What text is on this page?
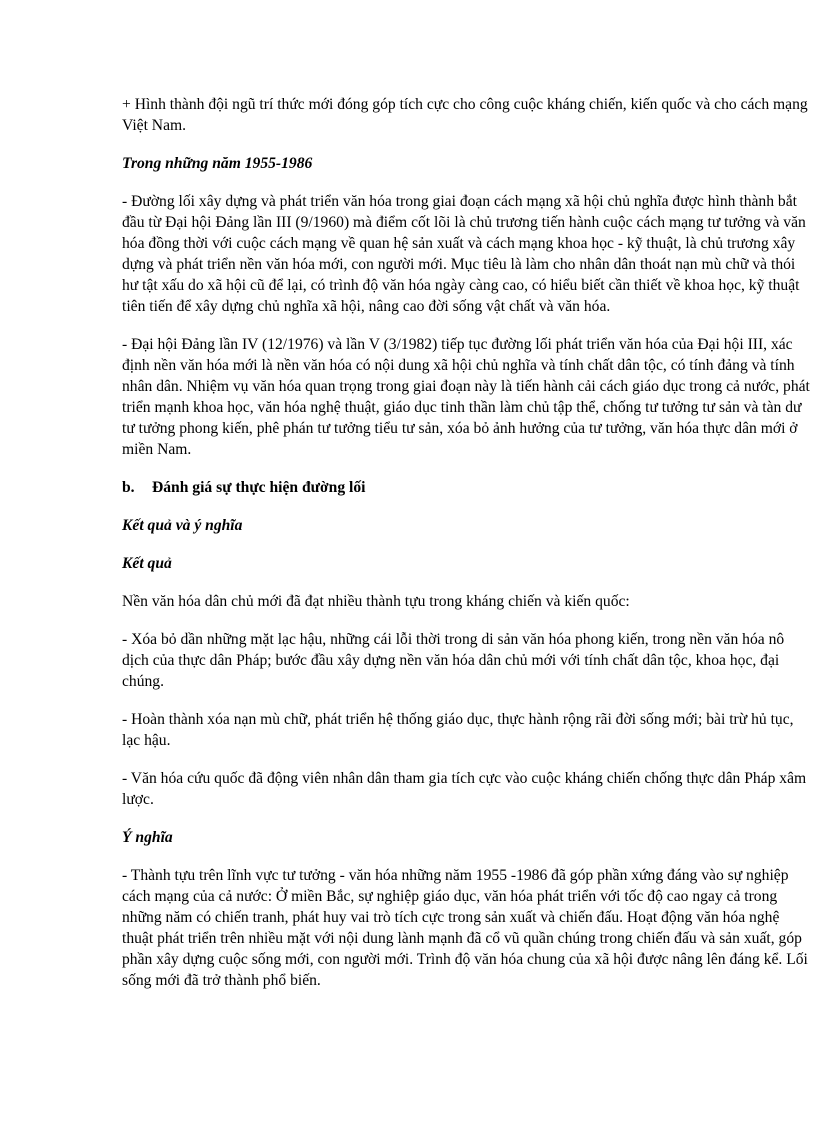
+ Hình thành đội ngũ trí thức mới đóng góp tích cực cho công cuộc kháng chiến, kiến quốc và cho cách mạng Việt Nam.

Trong những năm 1955-1986

- Đường lối xây dựng và phát triển văn hóa trong giai đoạn cách mạng xã hội chủ nghĩa được hình thành bắt đầu từ Đại hội Đảng lần III (9/1960) mà điểm cốt lõi là chủ trương tiến hành cuộc cách mạng tư tưởng và văn hóa đồng thời với cuộc cách mạng về quan hệ sản xuất và cách mạng khoa học - kỹ thuật, là chủ trương xây dựng và phát triển nền văn hóa mới, con người mới. Mục tiêu là làm cho nhân dân thoát nạn mù chữ và thói hư tật xấu do xã hội cũ để lại, có trình độ văn hóa ngày càng cao, có hiểu biết cần thiết về khoa học, kỹ thuật tiên tiến để xây dựng chủ nghĩa xã hội, nâng cao đời sống vật chất và văn hóa.

- Đại hội Đảng lần IV (12/1976) và lần V (3/1982) tiếp tục đường lối phát triển văn hóa của Đại hội III, xác định nền văn hóa mới là nền văn hóa có nội dung xã hội chủ nghĩa và tính chất dân tộc, có tính đảng và tính nhân dân. Nhiệm vụ văn hóa quan trọng trong giai đoạn này là tiến hành cải cách giáo dục trong cả nước, phát triển mạnh khoa học, văn hóa nghệ thuật, giáo dục tinh thần làm chủ tập thể, chống tư tưởng tư sản và tàn dư tư tưởng phong kiến, phê phán tư tưởng tiểu tư sản, xóa bỏ ảnh hưởng của tư tưởng, văn hóa thực dân mới ở miền Nam.

b. Đánh giá sự thực hiện đường lối

Kết quả và ý nghĩa

Kết quả

Nền văn hóa dân chủ mới đã đạt nhiều thành tựu trong kháng chiến và kiến quốc:

- Xóa bỏ dần những mặt lạc hậu, những cái lỗi thời trong di sản văn hóa phong kiến, trong nền văn hóa nô dịch của thực dân Pháp; bước đầu xây dựng nền văn hóa dân chủ mới với tính chất dân tộc, khoa học, đại chúng.

- Hoàn thành xóa nạn mù chữ, phát triển hệ thống giáo dục, thực hành rộng rãi đời sống mới; bài trừ hủ tục, lạc hậu.

- Văn hóa cứu quốc đã động viên nhân dân tham gia tích cực vào cuộc kháng chiến chống thực dân Pháp xâm lược.

Ý nghĩa

- Thành tựu trên lĩnh vực tư tưởng - văn hóa những năm 1955 -1986 đã góp phần xứng đáng vào sự nghiệp cách mạng của cả nước: Ở miền Bắc, sự nghiệp giáo dục, văn hóa phát triển với tốc độ cao ngay cả trong những năm có chiến tranh, phát huy vai trò tích cực trong sản xuất và chiến đấu. Hoạt động văn hóa nghệ thuật phát triển trên nhiều mặt với nội dung lành mạnh đã cổ vũ quần chúng trong chiến đấu và sản xuất, góp phần xây dựng cuộc sống mới, con người mới. Trình độ văn hóa chung của xã hội được nâng lên đáng kể. Lối sống mới đã trở thành phổ biến.
